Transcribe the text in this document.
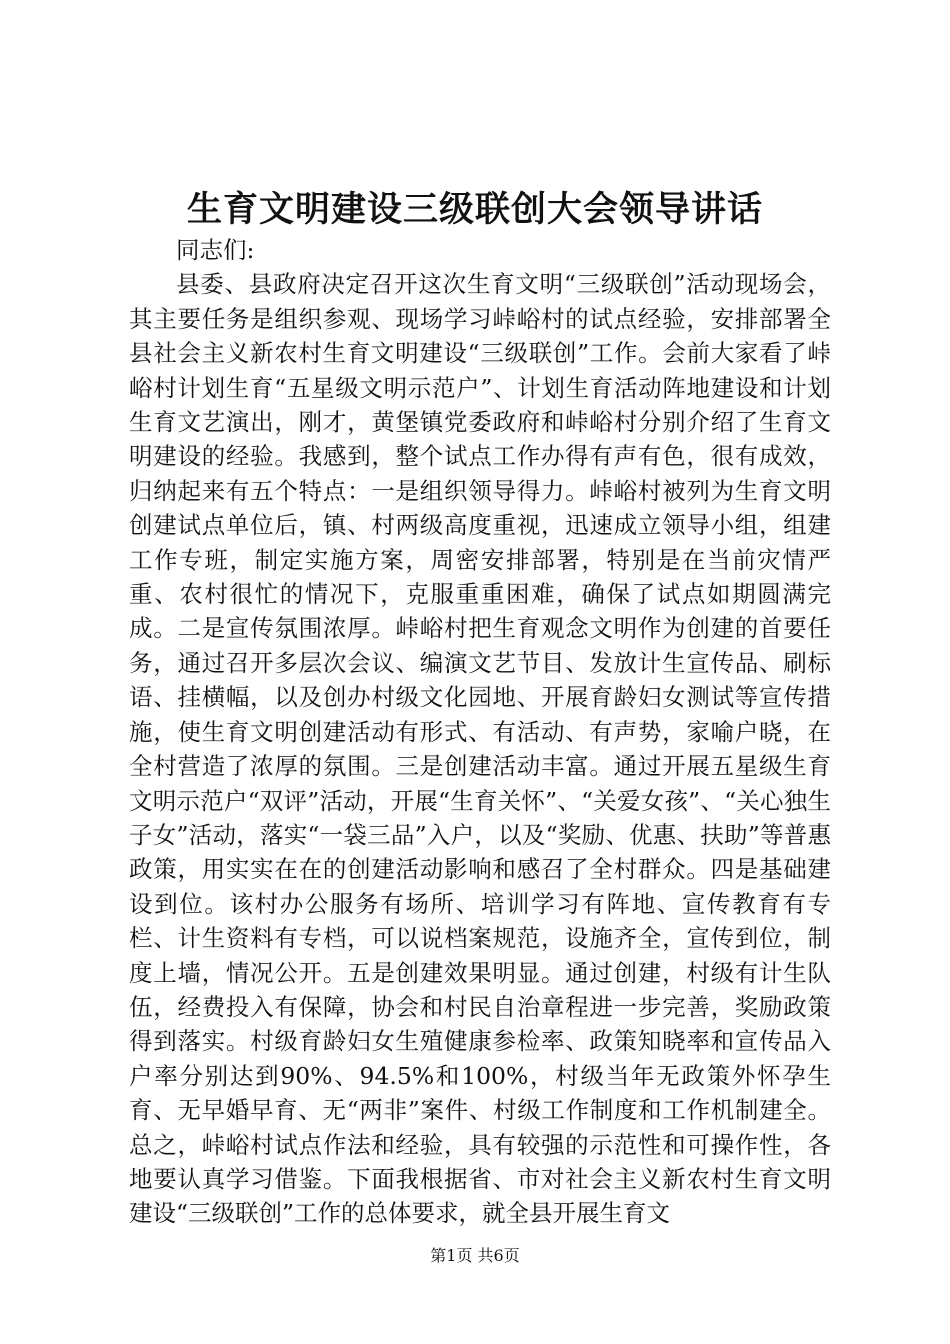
生育文明建设三级联创大会领导讲话

同志们:

县委、县政府决定召开这次生育文明“三级联创”活动现场会，其主要任务是组织参观、现场学习峠峪村的试点经验，安排部署全县社会主义新农村生育文明建设“三级联创”工作。会前大家看了峠峪村计划生育“五星级文明示范户”、计划生育活动阵地建设和计划生育文艺演出，刚才，黄堡镇党委政府和峠峪村分别介绍了生育文明建设的经验。我感到，整个试点工作办得有声有色，很有成效，归纳起来有五个特点：一是组织领导得力。峠峪村被列为生育文明创建试点单位后，镇、村两级高度重视，迅速成立领导小组，组建工作专班，制定实施方案，周密安排部署，特别是在当前灾情严重、农村很忙的情况下，克服重重困难，确保了试点如期圆满完成。二是宣传氛围浓厚。峠峪村把生育观念文明作为创建的首要任务，通过召开多层次会议、编演文艺节目、发放计生宣传品、刷标语、挂横幅，以及创办村级文化园地、开展育龄妇女测试等宣传措施，使生育文明创建活动有形式、有活动、有声势，家喻户晓，在全村营造了浓厚的氛围。三是创建活动丰富。通过开展五星级生育文明示范户“双评”活动，开展“生育关怀”、“关爱女孩”、“关心独生子女”活动，落实“一袋三品”入户，以及“奖励、优惠、扶助”等普惠政策，用实实在在的创建活动影响和感召了全村群众。四是基础建设到位。该村办公服务有场所、培训学习有阵地、宣传教育有专栏、计生资料有专档，可以说档案规范，设施齐全，宣传到位，制度上墙，情况公开。五是创建效果明显。通过创建，村级有计生队伍，经费投入有保障，协会和村民自治章程进一步完善，奖励政策得到落实。村级育龄妇女生殖健康参检率、政策知晓率和宣传品入户率分别达到90%、94.5%和100%，村级当年无政策外怀孕生育、无早婚早育、无“两非”案件、村级工作制度和工作机制建全。总之，峠峪村试点作法和经验，具有较强的示范性和可操作性，各地要认真学习借鉴。下面我根据省、市对社会主义新农村生育文明建设“三级联创”工作的总体要求，就全县开展生育文

第1页 共6页
